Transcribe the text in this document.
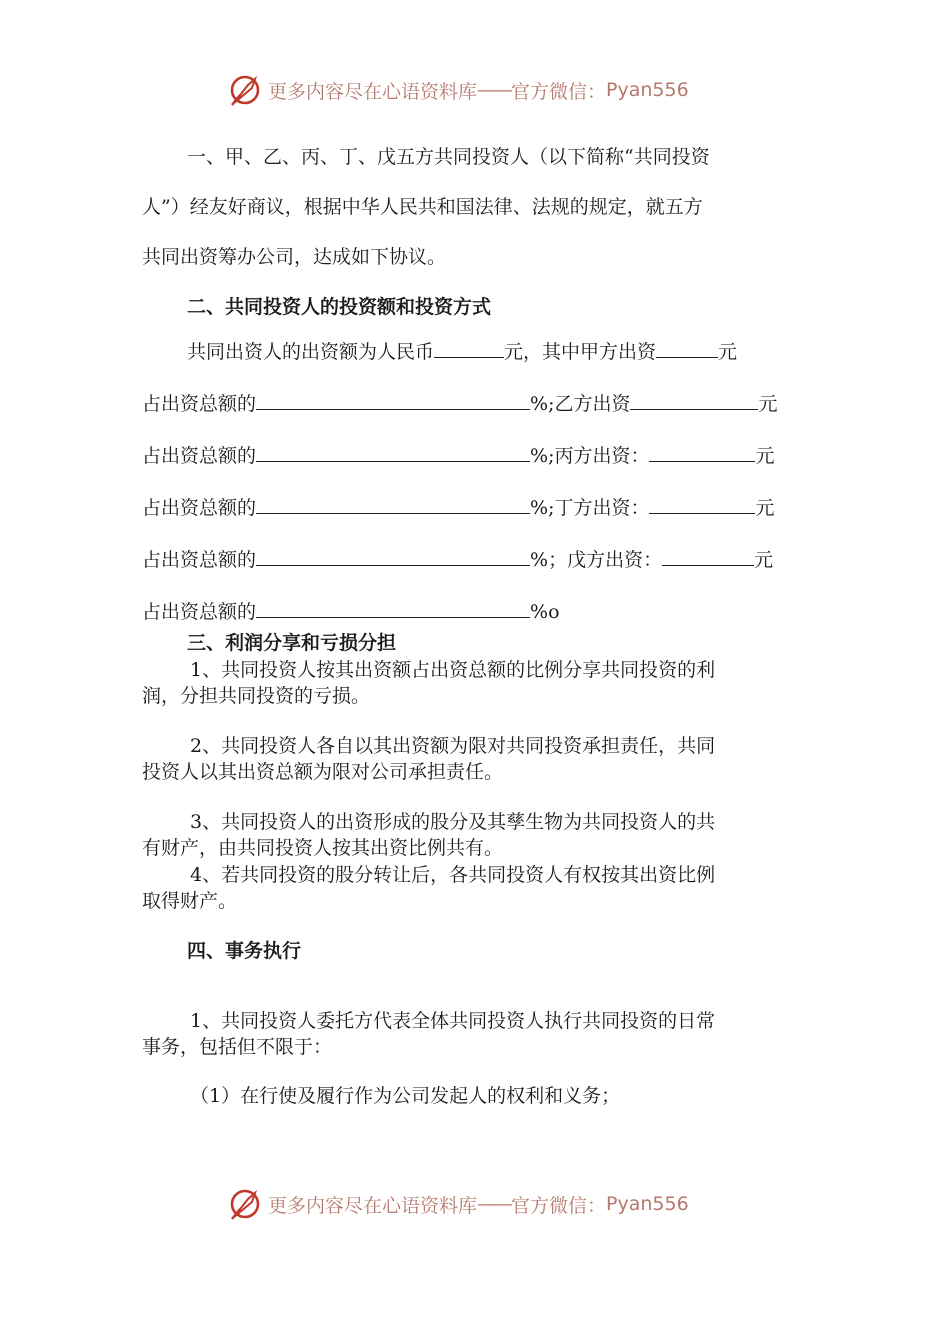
更多内容尽在心语资料库 —— 官方微信： Pyan556
一、甲、乙、丙、丁、戊五方共同投资人（以下简称“共同投资
人”）经友好商议，根据中华人民共和国法律、法规的规定，就五方
共同出资筹办公司，达成如下协议。
二、共同投资人的投资额和投资方式
共同出资人的出资额为人民币	元，其中甲方出资	元
占出资总额的	%;乙方出资	元
占出资总额的	%;丙方出资：	元
占出资总额的	%;丁方出资：	元
占出资总额的	%；戊方出资：	元
占出资总额的	%o
三、利润分享和亏损分担
1、共同投资人按其出资额占出资总额的比例分享共同投资的利
润，分担共同投资的亏损。
2、共同投资人各自以其出资额为限对共同投资承担责任，共同
投资人以其出资总额为限对公司承担责任。
3、共同投资人的出资形成的股分及其孳生物为共同投资人的共
有财产，由共同投资人按其出资比例共有。
4、若共同投资的股分转让后，各共同投资人有权按其出资比例
取得财产。
四、事务执行
1、共同投资人委托方代表全体共同投资人执行共同投资的日常
事务，包括但不限于：
（1）在行使及履行作为公司发起人的权利和义务；
更多内容尽在心语资料库 —— 官方微信： Pyan556
